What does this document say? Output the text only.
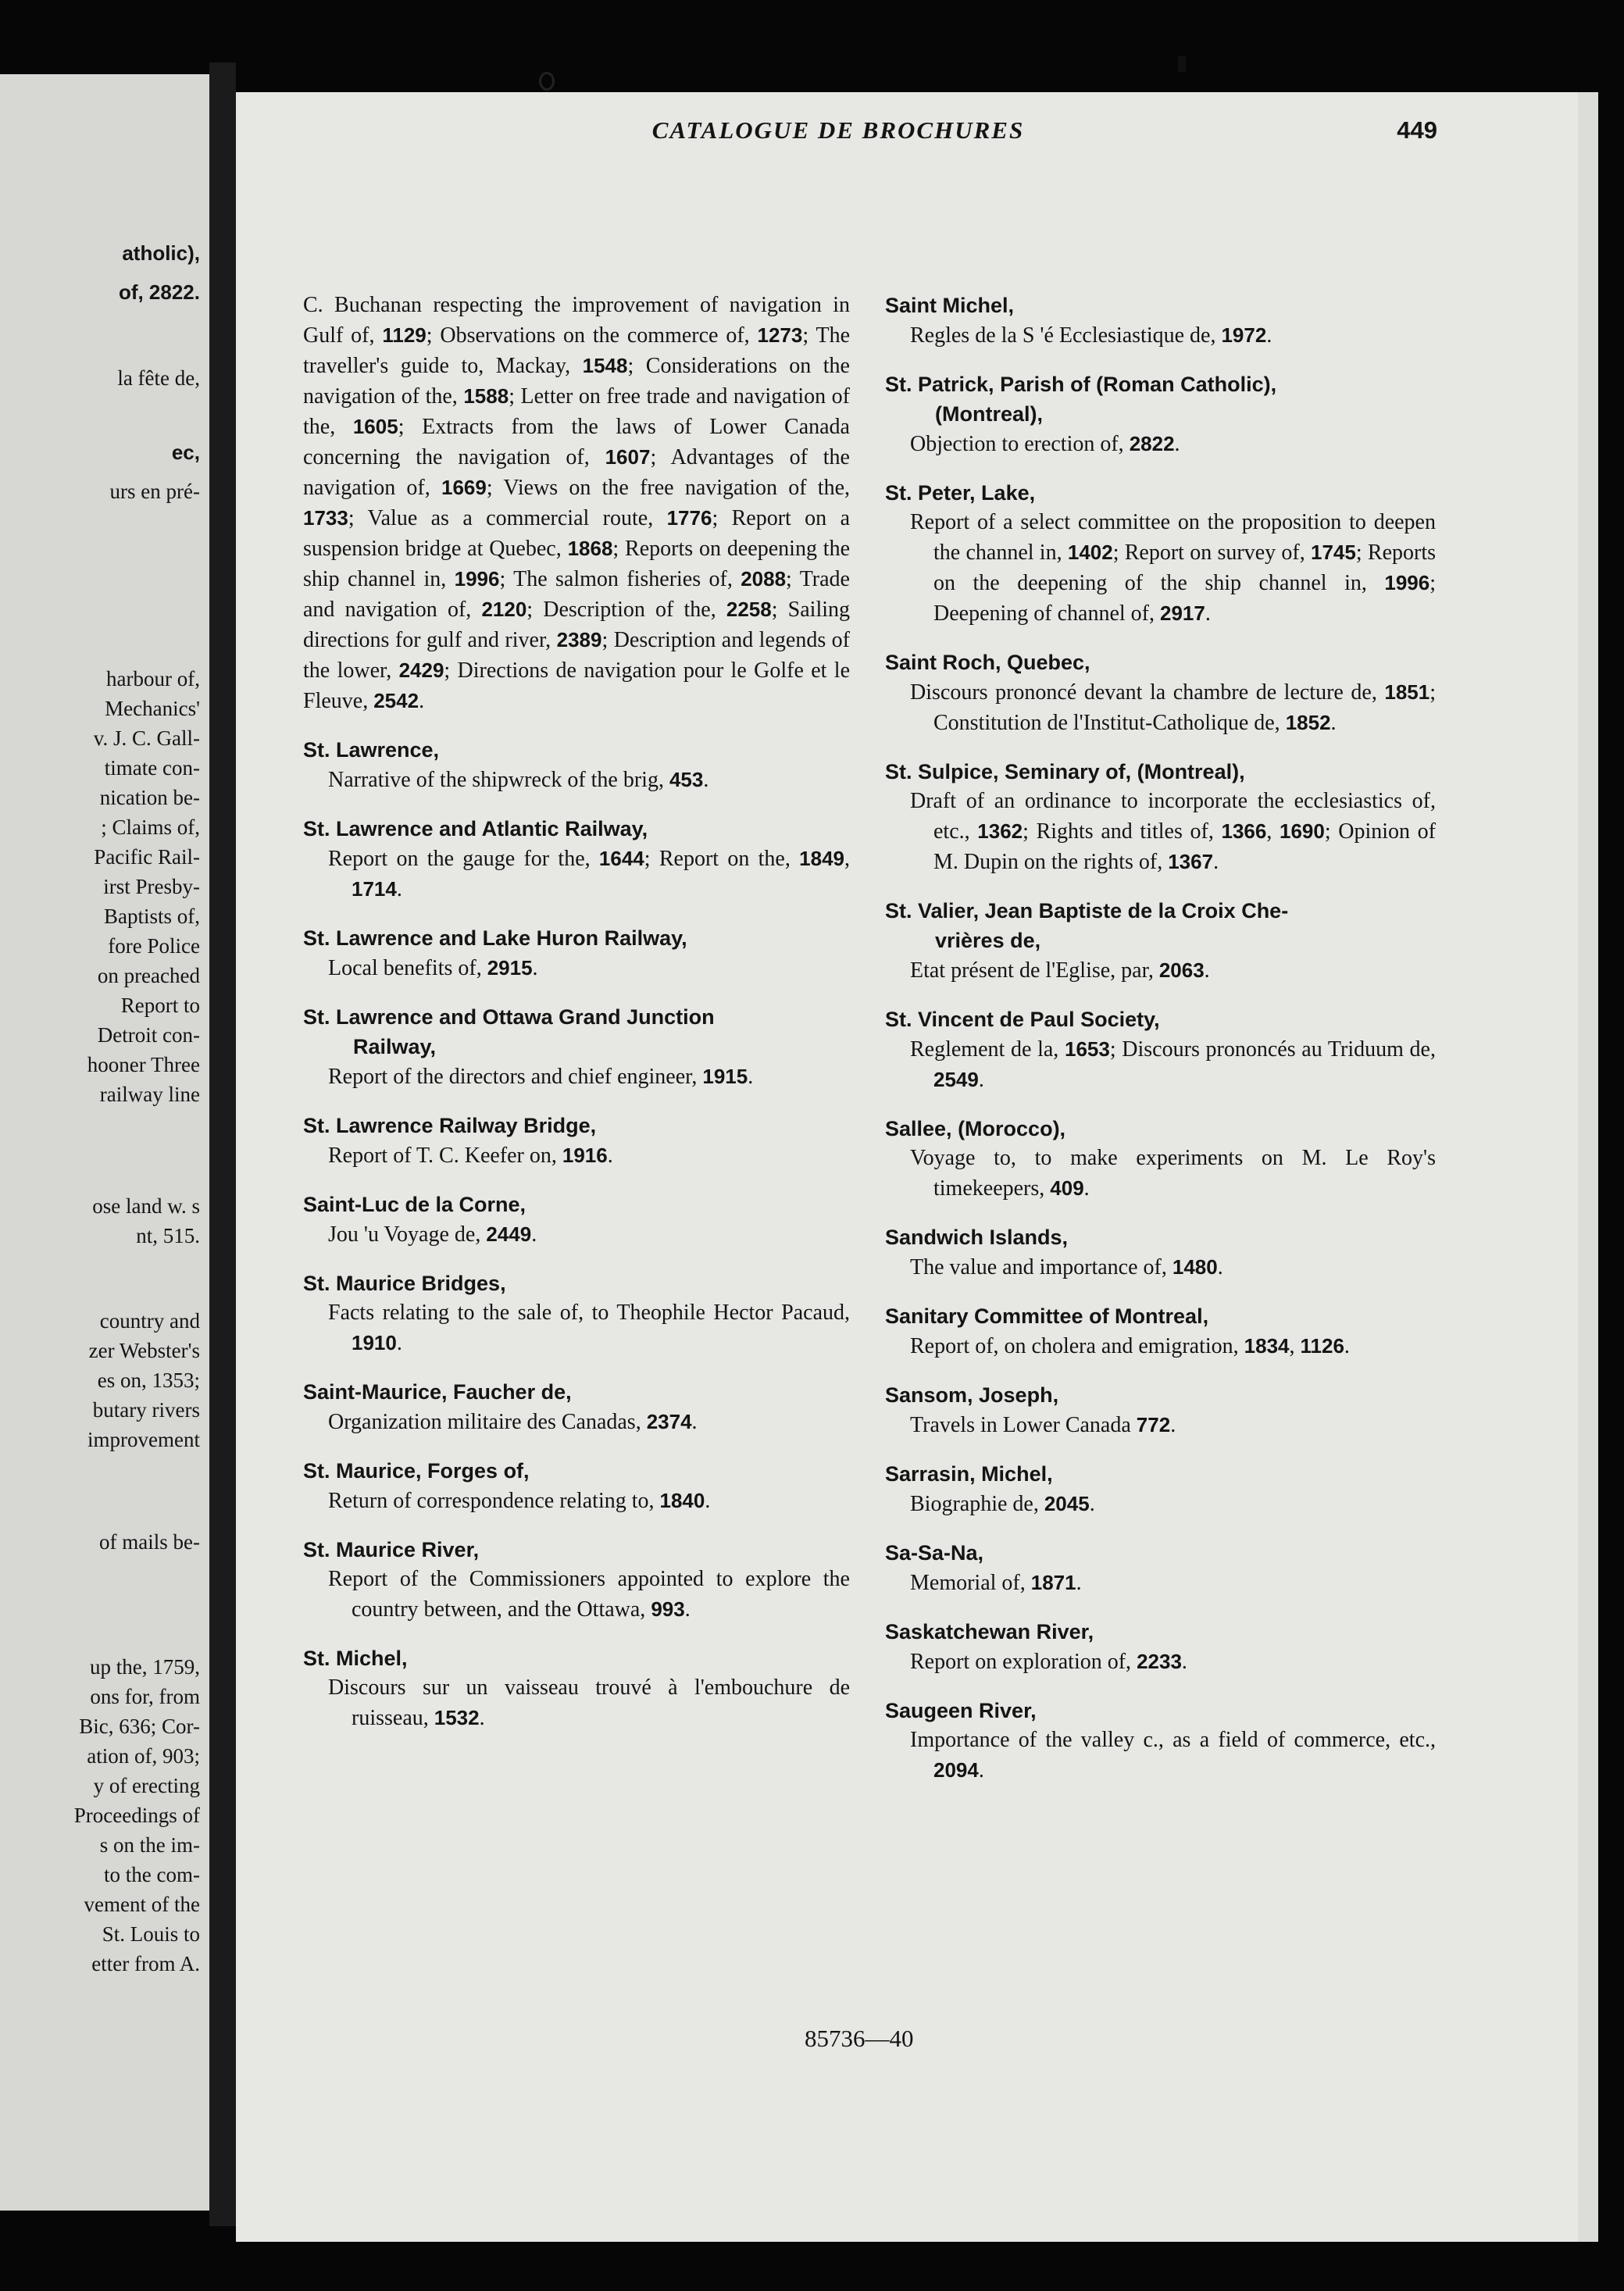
atholic),
of, 2822.
la fête de,
ec,
urs en pré-
harbour of,
Mechanics'
v. J. C. Gall-
timate con-
nication be-
; Claims of,
Pacific Rail-
irst Presby-
Baptists of,
fore Police
on preached
Report to
Detroit con-
hooner Three
railway line
ose land w. s
nt, 515.
country and
zer Webster's
es on, 1353;
butary rivers
improvement
of mails be-
up the, 1759,
ons for, from
Bic, 636; Cor-
ation of, 903;
y of erecting
Proceedings of
s on the im-
to the com-
vement of the
St. Louis to
etter from A.
CATALOGUE DE BROCHURES	449
C. Buchanan respecting the improvement of navigation in Gulf of, 1129; Observations on the commerce of, 1273; The traveller's guide to, Mackay, 1548; Considerations on the navigation of the, 1588; Letter on free trade and navigation of the, 1605; Extracts from the laws of Lower Canada concerning the navigation of, 1607; Advantages of the navigation of, 1669; Views on the free navigation of the, 1733; Value as a commercial route, 1776; Report on a suspension bridge at Quebec, 1868; Reports on deepening the ship channel in, 1996; The salmon fisheries of, 2088; Trade and navigation of, 2120; Description of the, 2258; Sailing directions for gulf and river, 2389; Description and legends of the lower, 2429; Directions de navigation pour le Golfe et le Fleuve, 2542.
St. Lawrence,
Narrative of the shipwreck of the brig, 453.
St. Lawrence and Atlantic Railway,
Report on the gauge for the, 1644; Report on the, 1849, 1714.
St. Lawrence and Lake Huron Railway,
Local benefits of, 2915.
St. Lawrence and Ottawa Grand Junction
Railway,
Report of the directors and chief engineer, 1915.
St. Lawrence Railway Bridge,
Report of T. C. Keefer on, 1916.
Saint-Luc de la Corne,
Jou 'u Voyage de, 2449.
St. Maurice Bridges,
Facts relating to the sale of, to Theophile Hector Pacaud, 1910.
Saint-Maurice, Faucher de,
Organization militaire des Canadas, 2374.
St. Maurice, Forges of,
Return of correspondence relating to, 1840.
St. Maurice River,
Report of the Commissioners appointed to explore the country between, and the Ottawa, 993.
St. Michel,
Discours sur un vaisseau trouvé à l'embouchure de ruisseau, 1532.
Saint Michel,
Regles de la S 'é Ecclesiastique de, 1972.
St. Patrick, Parish of (Roman Catholic),
(Montreal),
Objection to erection of, 2822.
St. Peter, Lake,
Report of a select committee on the proposition to deepen the channel in, 1402; Report on survey of, 1745; Reports on the deepening of the ship channel in, 1996; Deepening of channel of, 2917.
Saint Roch, Quebec,
Discours prononcé devant la chambre de lecture de, 1851; Constitution de l'Institut-Catholique de, 1852.
St. Sulpice, Seminary of, (Montreal),
Draft of an ordinance to incorporate the ecclesiastics of, etc., 1362; Rights and titles of, 1366, 1690; Opinion of M. Dupin on the rights of, 1367.
St. Valier, Jean Baptiste de la Croix Che-
vrières de,
Etat présent de l'Eglise, par, 2063.
St. Vincent de Paul Society,
Reglement de la, 1653; Discours prononcés au Triduum de, 2549.
Sallee, (Morocco),
Voyage to, to make experiments on M. Le Roy's timekeepers, 409.
Sandwich Islands,
The value and importance of, 1480.
Sanitary Committee of Montreal,
Report of, on cholera and emigration, 1834, 1126.
Sansom, Joseph,
Travels in Lower Canada 772.
Sarrasin, Michel,
Biographie de, 2045.
Sa-Sa-Na,
Memorial of, 1871.
Saskatchewan River,
Report on exploration of, 2233.
Saugeen River,
Importance of the valley c., as a field of commerce, etc., 2094.
85736—40
